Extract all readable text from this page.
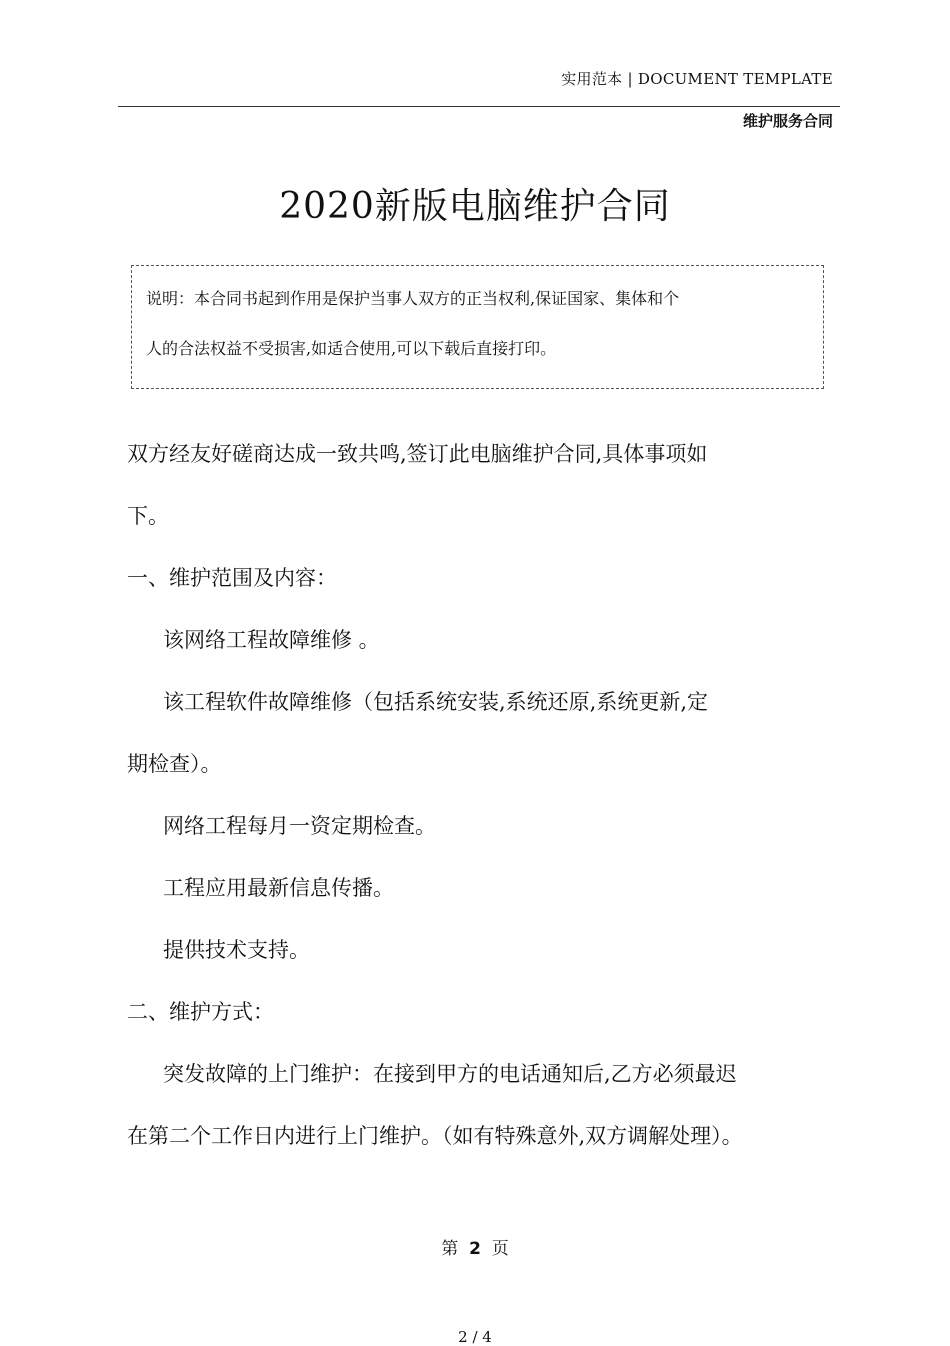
实用范本 | DOCUMENT TEMPLATE
维护服务合同
2020新版电脑维护合同
说明：本合同书起到作用是保护当事人双方的正当权利,保证国家、集体和个
人的合法权益不受损害,如适合使用,可以下载后直接打印。
双方经友好磋商达成一致共鸣,签订此电脑维护合同,具体事项如
下。
一、维护范围及内容：
该网络工程故障维修 。
该工程软件故障维修（包括系统安装,系统还原,系统更新,定
期检查）。
网络工程每月一资定期检查。
工程应用最新信息传播。
提供技术支持。
二、维护方式：
突发故障的上门维护：在接到甲方的电话通知后,乙方必须最迟
在第二个工作日内进行上门维护。（如有特殊意外,双方调解处理）。
第 2 页
2 / 4
